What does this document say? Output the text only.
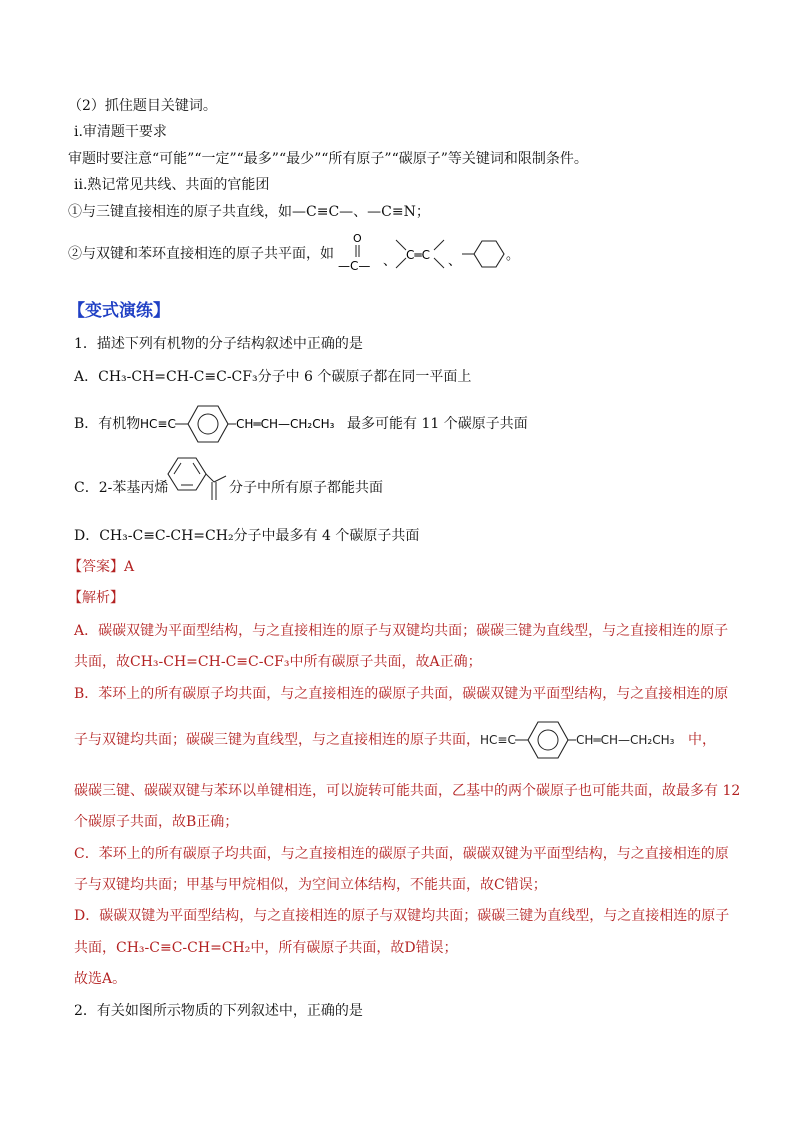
（2）抓住题目关键词。
ⅰ.审清题干要求
审题时要注意“可能”“一定”“最多”“最少”“所有原子”“碳原子”等关键词和限制条件。
ⅱ.熟记常见共线、共面的官能团
①与三键直接相连的原子共直线，如—C≡C—、—C≡N；
②与双键和苯环直接相连的原子共平面，如
O
—C— 、 C═C 、	。
【变式演练】
1．描述下列有机物的分子结构叙述中正确的是
A．CH₃-CH=CH-C≡C-CF₃分子中 6 个碳原子都在同一平面上
B．有机物 HC≡C	CH═CH—CH₂CH₃ 最多可能有 11 个碳原子共面
C．2-苯基丙烯	分子中所有原子都能共面
D．CH₃-C≡C-CH=CH₂分子中最多有 4 个碳原子共面
【答案】A
【解析】
A．碳碳双键为平面型结构，与之直接相连的原子与双键均共面；碳碳三键为直线型，与之直接相连的原子
共面，故CH₃-CH=CH-C≡C-CF₃中所有碳原子共面，故A正确；
B．苯环上的所有碳原子均共面，与之直接相连的碳原子共面，碳碳双键为平面型结构，与之直接相连的原
子与双键均共面；碳碳三键为直线型，与之直接相连的原子共面， HC≡C	CH═CH—CH₂CH₃ 中，
碳碳三键、碳碳双键与苯环以单键相连，可以旋转可能共面，乙基中的两个碳原子也可能共面，故最多有 12
个碳原子共面，故B正确；
C．苯环上的所有碳原子均共面，与之直接相连的碳原子共面，碳碳双键为平面型结构，与之直接相连的原
子与双键均共面；甲基与甲烷相似，为空间立体结构，不能共面，故C错误；
D．碳碳双键为平面型结构，与之直接相连的原子与双键均共面；碳碳三键为直线型，与之直接相连的原子
共面，CH₃-C≡C-CH=CH₂中，所有碳原子共面，故D错误；
故选A。
2．有关如图所示物质的下列叙述中，正确的是
